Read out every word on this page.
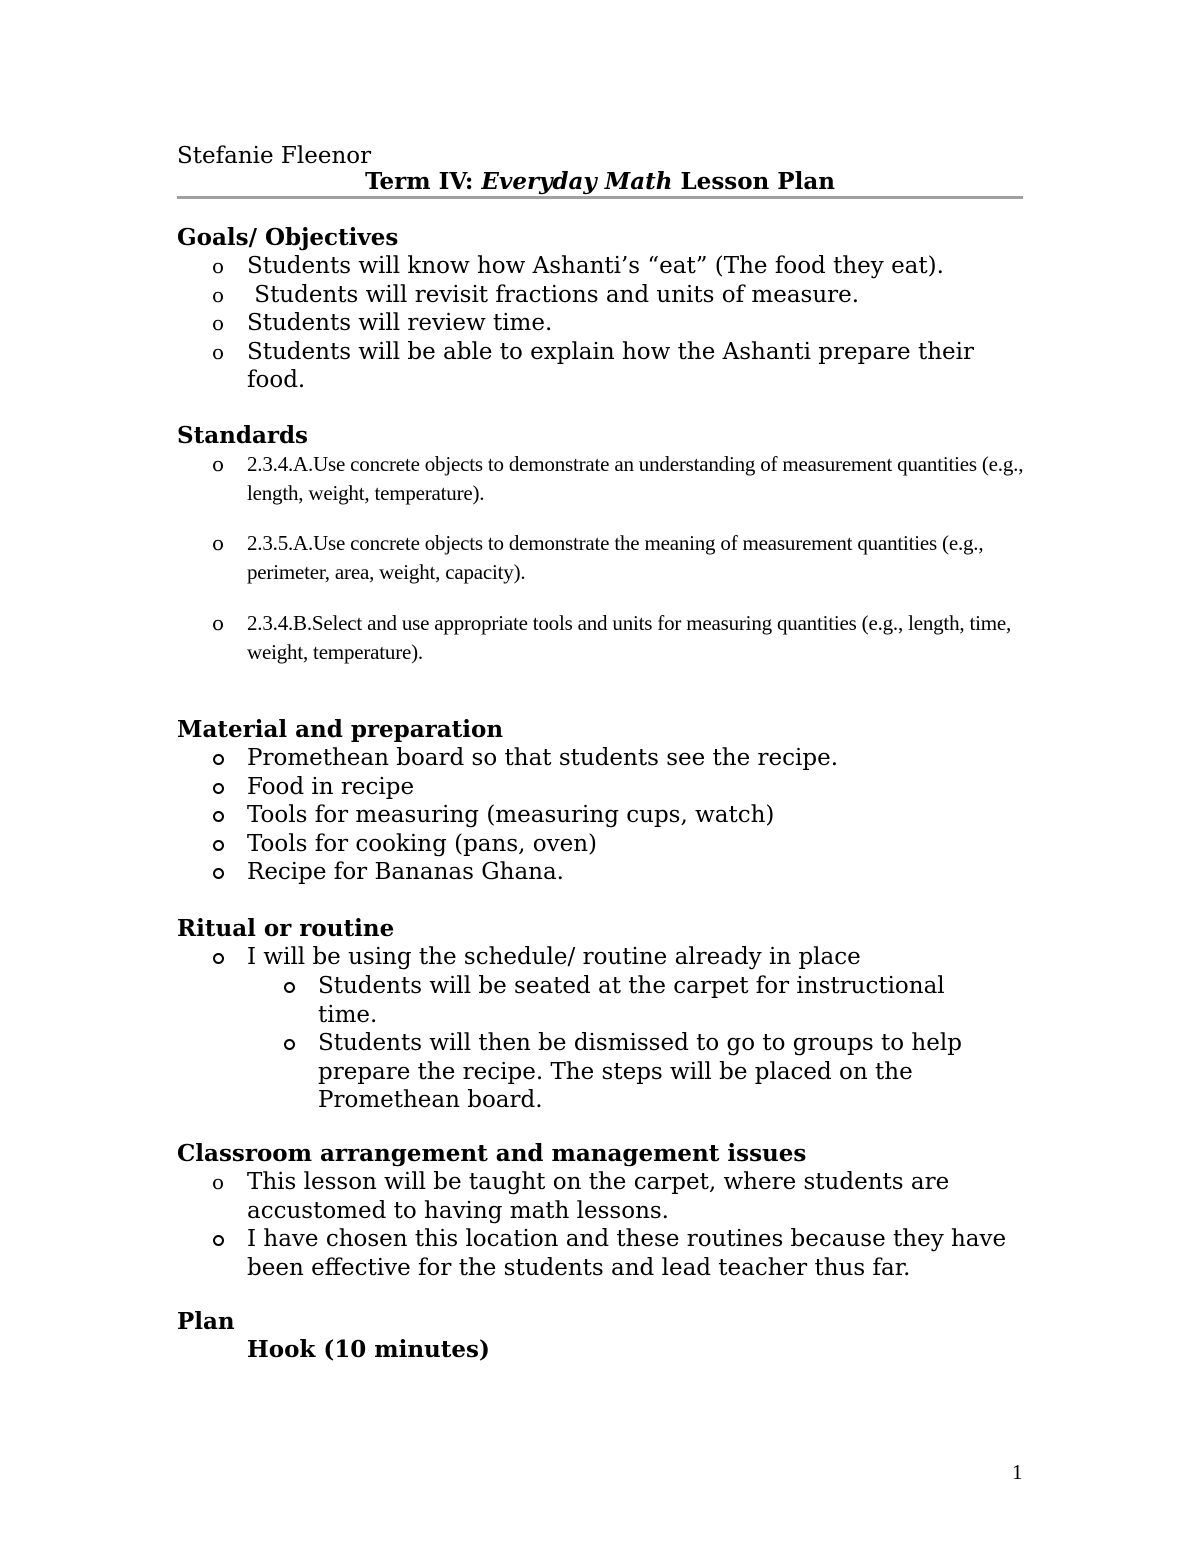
Stefanie Fleenor
Term IV: Everyday Math Lesson Plan
Goals/ Objectives
o Students will know how Ashanti’s “eat” (The food they eat).
o Students will revisit fractions and units of measure.
o Students will review time.
o Students will be able to explain how the Ashanti prepare their food.
Standards
o 2.3.4.A.Use concrete objects to demonstrate an understanding of measurement quantities (e.g., length, weight, temperature).
o 2.3.5.A.Use concrete objects to demonstrate the meaning of measurement quantities (e.g., perimeter, area, weight, capacity).
o 2.3.4.B.Select and use appropriate tools and units for measuring quantities (e.g., length, time, weight, temperature).
Material and preparation
Promethean board so that students see the recipe.
Food in recipe
Tools for measuring (measuring cups, watch)
Tools for cooking (pans, oven)
Recipe for Bananas Ghana.
Ritual or routine
I will be using the schedule/ routine already in place
Students will be seated at the carpet for instructional time.
Students will then be dismissed to go to groups to help prepare the recipe. The steps will be placed on the Promethean board.
Classroom arrangement and management issues
o This lesson will be taught on the carpet, where students are accustomed to having math lessons.
I have chosen this location and these routines because they have been effective for the students and lead teacher thus far.
Plan
Hook (10 minutes)
1
